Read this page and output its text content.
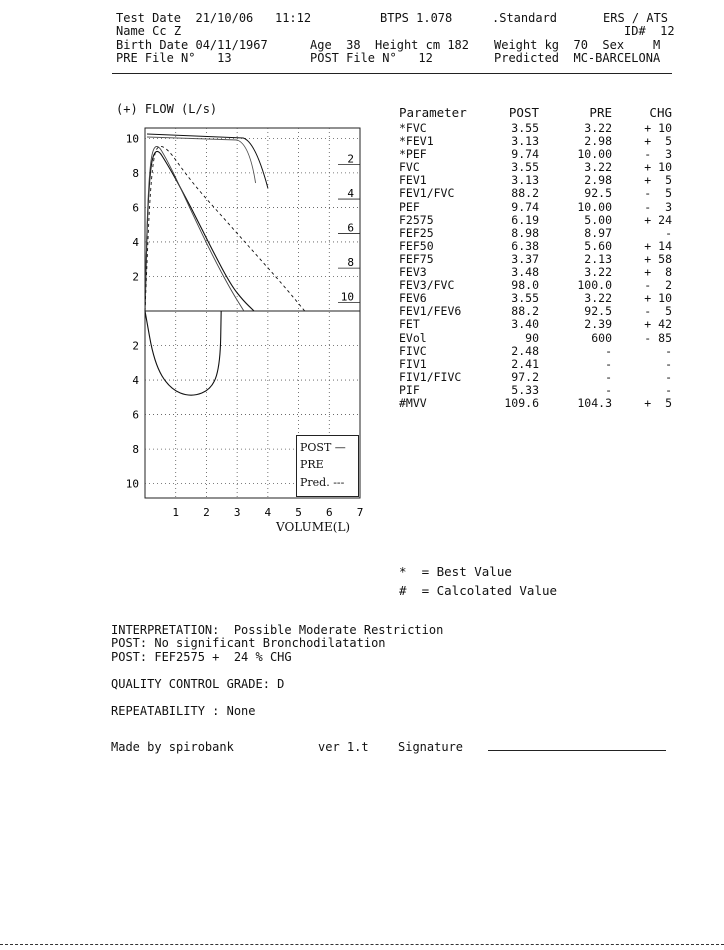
Test Date 21/10/06 11:12	BTPS 1.078	.Standard	ERS / ATS
Name Cc Z	ID# 12
Birth Date 04/11/1967	Age 38 Height cm 182 Weight kg 70 Sex M
PRE File N° 13	POST File N° 12	Predicted MC-BARCELONA
(+) FLOW (L/s)
10
8
6
4
2
2
4
6
8
10
2
4
6
8
10
1 2 3 4 5 6 7
POST —
PRE
Pred. ---
VOLUME(L)
Parameter	POST	PRE	CHG
*FVC	3.55	3.22	+ 10
*FEV1	3.13	2.98	+  5
*PEF	9.74	10.00	-  3
FVC	3.55	3.22	+ 10
FEV1	3.13	2.98	+  5
FEV1/FVC	88.2	92.5	-  5
PEF	9.74	10.00	-  3
F2575	6.19	5.00	+ 24
FEF25	8.98	8.97	-
FEF50	6.38	5.60	+ 14
FEF75	3.37	2.13	+ 58
FEV3	3.48	3.22	+  8
FEV3/FVC	98.0	100.0	-  2
FEV6	3.55	3.22	+ 10
FEV1/FEV6	88.2	92.5	-  5
FET	3.40	2.39	+ 42
EVol	90	600	- 85
FIVC	2.48	-	-
FIV1	2.41	-	-
FIV1/FIVC	97.2	-	-
PIF	5.33	-	-
#MVV	109.6	104.3	+  5
*  = Best Value
#  = Calcolated Value
INTERPRETATION:  Possible Moderate Restriction
POST: No significant Bronchodilatation
POST: FEF2575 +  24 % CHG
QUALITY CONTROL GRADE: D
REPEATABILITY : None
Made by spirobank	ver 1.t Signature
